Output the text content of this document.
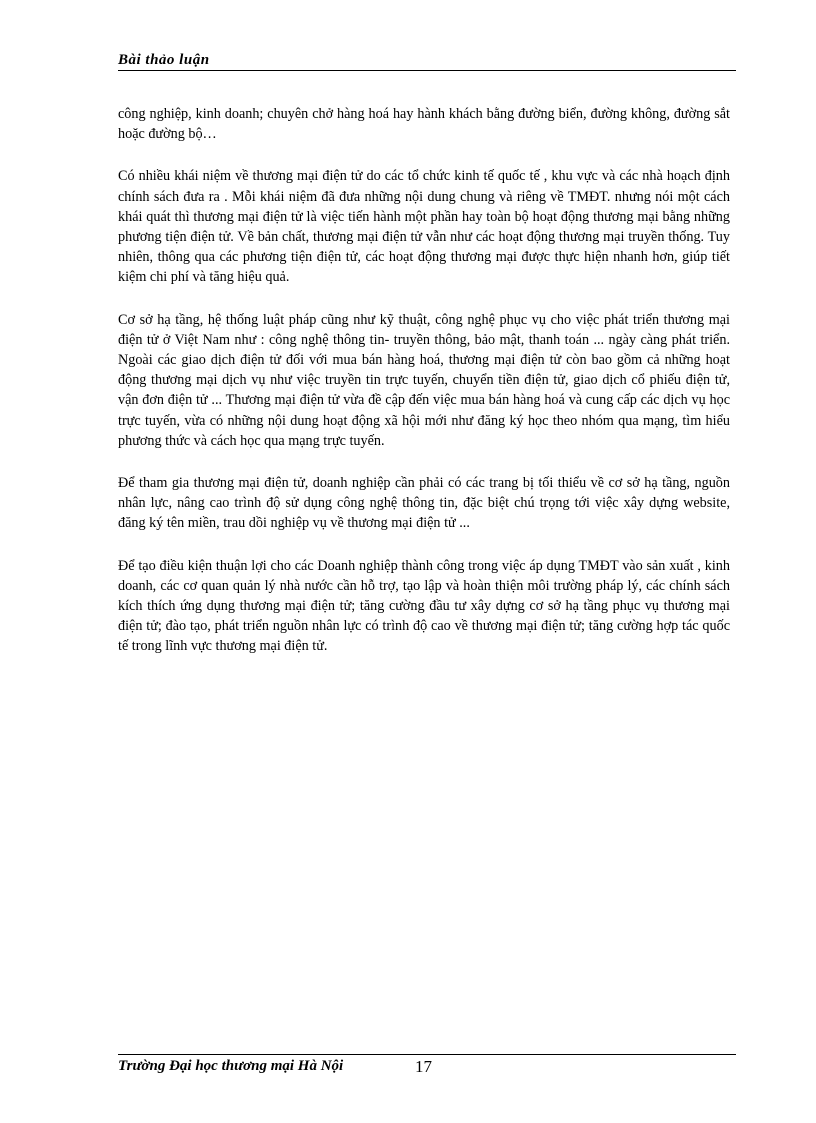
Bài thảo luận

công nghiệp, kinh doanh; chuyên chở hàng hoá hay hành khách bằng đường biển, đường không, đường sắt hoặc đường bộ…

Có nhiều khái niệm về thương mại điện tử do các tổ chức kinh tế quốc tế , khu vực và các nhà hoạch định chính sách đưa ra . Mỗi khái niệm đã đưa những nội dung chung và riêng về TMĐT. nhưng nói một cách khái quát thì thương mại điện tử là việc tiến hành một phần hay toàn bộ hoạt động thương mại bằng những phương tiện điện tử. Về bản chất, thương mại điện tử vẫn như các hoạt động thương mại truyền thống. Tuy nhiên, thông qua các phương tiện điện tử, các hoạt động thương mại được thực hiện nhanh hơn, giúp tiết kiệm chi phí và tăng hiệu quả.

Cơ sở hạ tầng, hệ thống luật pháp cũng như kỹ thuật, công nghệ phục vụ cho việc phát triển thương mại điện tử ở Việt Nam như : công nghệ thông tin- truyền thông, bảo mật, thanh toán ... ngày càng phát triển. Ngoài các giao dịch điện tử đối với mua bán hàng hoá, thương mại điện tử còn bao gồm cả những hoạt động thương mại dịch vụ như việc truyền tin trực tuyến, chuyển tiền điện tử, giao dịch cổ phiếu điện tử, vận đơn điện tử ... Thương mại điện tử vừa đề cập đến việc mua bán hàng hoá và cung cấp các dịch vụ học trực tuyến, vừa có những nội dung hoạt động xã hội mới như đăng ký học theo nhóm qua mạng, tìm hiểu phương thức và cách học qua mạng trực tuyến.

Để tham gia thương mại điện tử, doanh nghiệp cần phải có các trang bị tối thiểu về cơ sở hạ tầng, nguồn nhân lực, nâng cao trình độ sử dụng công nghệ thông tin, đặc biệt chú trọng tới việc xây dựng website, đăng ký tên miền, trau dồi nghiệp vụ về thương mại điện tử ...

Để tạo điều kiện thuận lợi cho các Doanh nghiệp thành công trong việc áp dụng TMĐT vào sản xuất , kinh doanh, các cơ quan quản lý nhà nước cần hỗ trợ, tạo lập và hoàn thiện môi trường pháp lý, các chính sách kích thích ứng dụng thương mại điện tử; tăng cường đầu tư xây dựng cơ sở hạ tầng phục vụ thương mại điện tử; đào tạo, phát triển nguồn nhân lực có trình độ cao về thương mại điện tử; tăng cường hợp tác quốc tế trong lĩnh vực thương mại điện tử.

Trường Đại học thương mại Hà Nội	17
